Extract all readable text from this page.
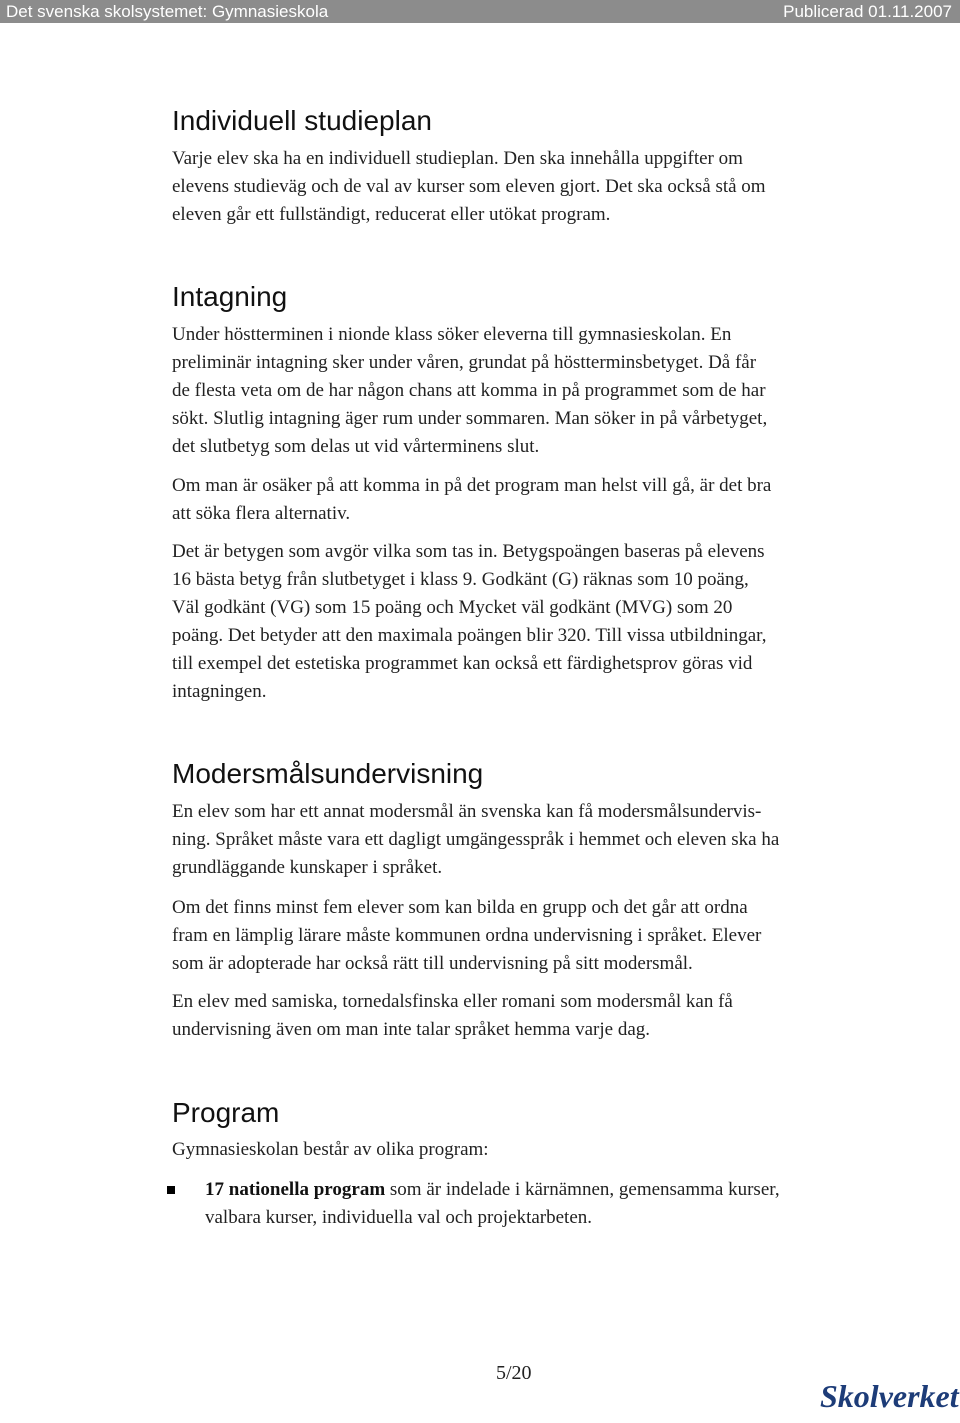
Det svenska skolsystemet: Gymnasieskola	Publicerad 01.11.2007
Individuell studieplan
Varje elev ska ha en individuell studieplan. Den ska innehålla uppgifter om
elevens studieväg och de val av kurser som eleven gjort. Det ska också stå om
eleven går ett fullständigt, reducerat eller utökat program.
Intagning
Under höstterminen i nionde klass söker eleverna till gymnasieskolan. En
preliminär intagning sker under våren, grundat på höstterminsbetyget. Då får
de flesta veta om de har någon chans att komma in på programmet som de har
sökt. Slutlig intagning äger rum under sommaren. Man söker in på vårbetyget,
det slutbetyg som delas ut vid vårterminens slut.
Om man är osäker på att komma in på det program man helst vill gå, är det bra
att söka flera alternativ.
Det är betygen som avgör vilka som tas in. Betygspoängen baseras på elevens
16 bästa betyg från slutbetyget i klass 9. Godkänt (G) räknas som 10 poäng,
Väl godkänt (VG) som 15 poäng och Mycket väl godkänt (MVG) som 20
poäng. Det betyder att den maximala poängen blir 320. Till vissa utbildningar,
till exempel det estetiska programmet kan också ett färdighetsprov göras vid
intagningen.
Modersmålsundervisning
En elev som har ett annat modersmål än svenska kan få modersmålsundervis-
ning. Språket måste vara ett dagligt umgängesspråk i hemmet och eleven ska ha
grundläggande kunskaper i språket.
Om det finns minst fem elever som kan bilda en grupp och det går att ordna
fram en lämplig lärare måste kommunen ordna undervisning i språket. Elever
som är adopterade har också rätt till undervisning på sitt modersmål.
En elev med samiska, tornedalsfinska eller romani som modersmål kan få
undervisning även om man inte talar språket hemma varje dag.
Program
Gymnasieskolan består av olika program:
17 nationella program som är indelade i kärnämnen, gemensamma kurser,
valbara kurser, individuella val och projektarbeten.
5/20
Skolverket
